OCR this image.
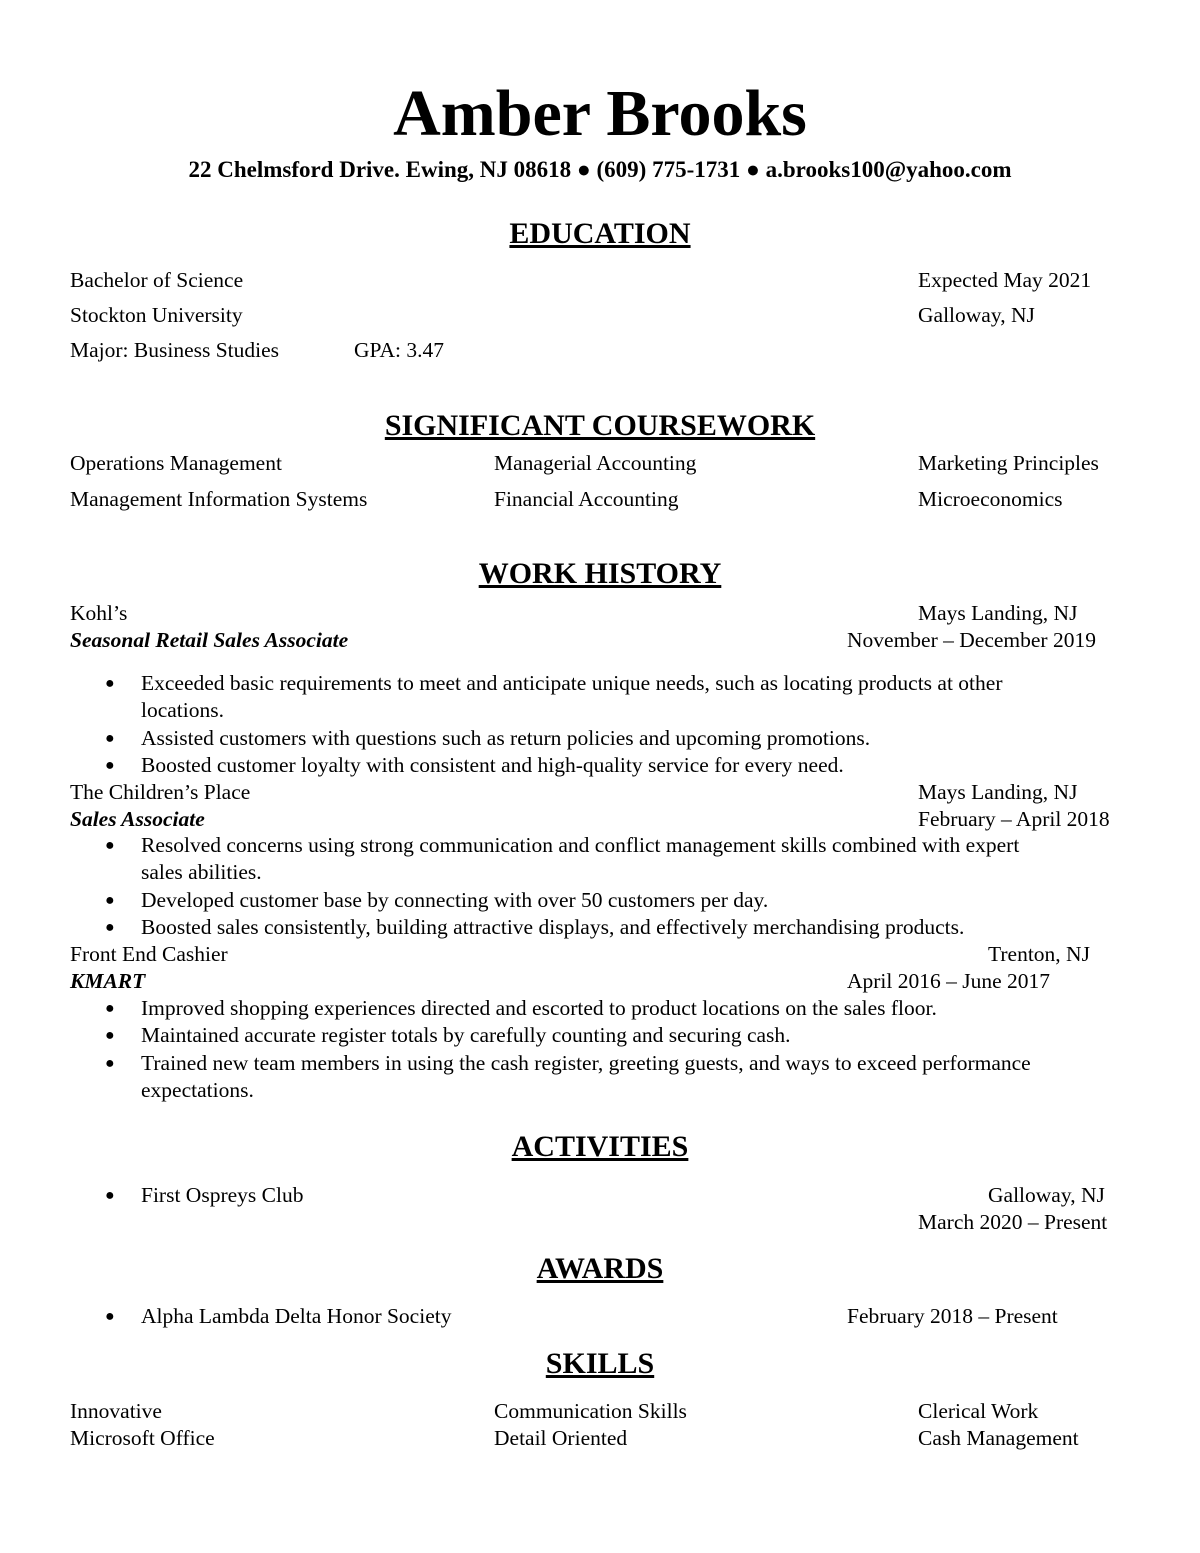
Amber Brooks
22 Chelmsford Drive. Ewing, NJ 08618 ● (609) 775-1731 ● a.brooks100@yahoo.com
EDUCATION
Bachelor of Science	Expected May 2021
Stockton University	Galloway, NJ
Major: Business Studies	GPA: 3.47
SIGNIFICANT COURSEWORK
Operations Management	Managerial Accounting	Marketing Principles
Management Information Systems	Financial Accounting	Microeconomics
WORK HISTORY
Kohl’s	Mays Landing, NJ
Seasonal Retail Sales Associate	November – December 2019
● Exceeded basic requirements to meet and anticipate unique needs, such as locating products at other
locations.
● Assisted customers with questions such as return policies and upcoming promotions.
● Boosted customer loyalty with consistent and high-quality service for every need.
The Children’s Place	Mays Landing, NJ
Sales Associate	February – April 2018
● Resolved concerns using strong communication and conflict management skills combined with expert
sales abilities.
● Developed customer base by connecting with over 50 customers per day.
● Boosted sales consistently, building attractive displays, and effectively merchandising products.
Front End Cashier	Trenton, NJ
KMART	April 2016 – June 2017
● Improved shopping experiences directed and escorted to product locations on the sales floor.
● Maintained accurate register totals by carefully counting and securing cash.
● Trained new team members in using the cash register, greeting guests, and ways to exceed performance
expectations.
ACTIVITIES
● First Ospreys Club	Galloway, NJ
March 2020 – Present
AWARDS
● Alpha Lambda Delta Honor Society	February 2018 – Present
SKILLS
Innovative	Communication Skills	Clerical Work
Microsoft Office	Detail Oriented	Cash Management
